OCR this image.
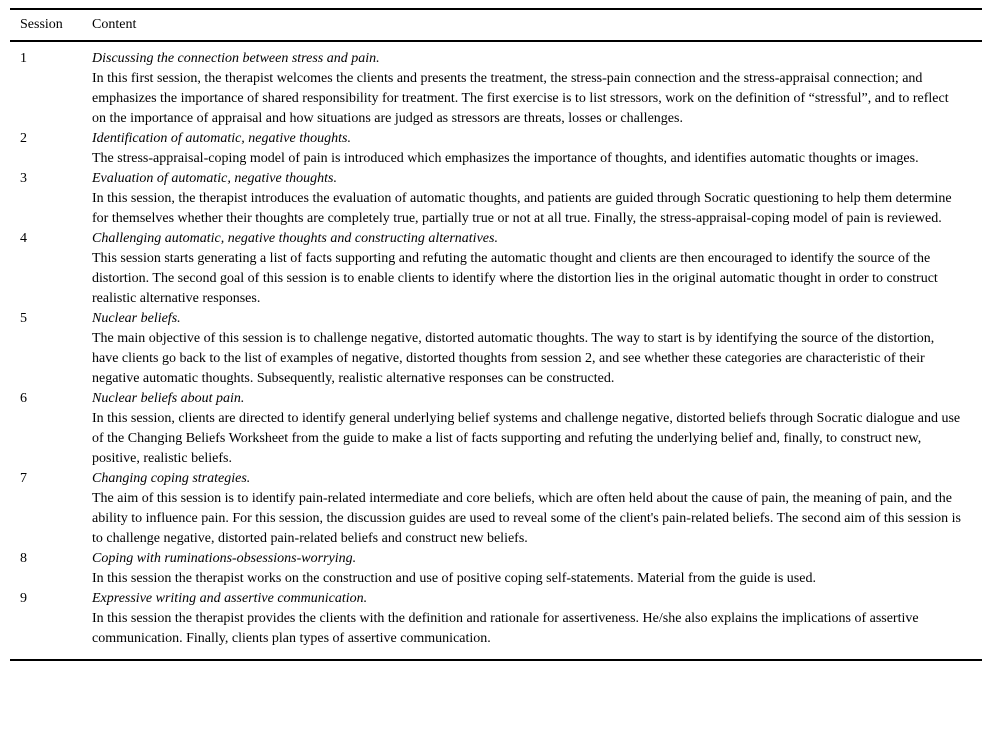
Session	Content
1	Discussing the connection between stress and pain.
In this first session, the therapist welcomes the clients and presents the treatment, the stress-pain connection and the stress-appraisal connection; and emphasizes the importance of shared responsibility for treatment. The first exercise is to list stressors, work on the definition of “stressful”, and to reflect on the importance of appraisal and how situations are judged as stressors are threats, losses or challenges.

2	Identification of automatic, negative thoughts.
The stress-appraisal-coping model of pain is introduced which emphasizes the importance of thoughts, and identifies automatic thoughts or images.

3	Evaluation of automatic, negative thoughts.
In this session, the therapist introduces the evaluation of automatic thoughts, and patients are guided through Socratic questioning to help them determine for themselves whether their thoughts are completely true, partially true or not at all true. Finally, the stress-appraisal-coping model of pain is reviewed.

4	Challenging automatic, negative thoughts and constructing alternatives.
This session starts generating a list of facts supporting and refuting the automatic thought and clients are then encouraged to identify the source of the distortion. The second goal of this session is to enable clients to identify where the distortion lies in the original automatic thought in order to construct realistic alternative responses.

5	Nuclear beliefs.
The main objective of this session is to challenge negative, distorted automatic thoughts. The way to start is by identifying the source of the distortion, have clients go back to the list of examples of negative, distorted thoughts from session 2, and see whether these categories are characteristic of their negative automatic thoughts. Subsequently, realistic alternative responses can be constructed.

6	Nuclear beliefs about pain.
In this session, clients are directed to identify general underlying belief systems and challenge negative, distorted beliefs through Socratic dialogue and use of the Changing Beliefs Worksheet from the guide to make a list of facts supporting and refuting the underlying belief and, finally, to construct new, positive, realistic beliefs.

7	Changing coping strategies.
The aim of this session is to identify pain-related intermediate and core beliefs, which are often held about the cause of pain, the meaning of pain, and the ability to influence pain. For this session, the discussion guides are used to reveal some of the client's pain-related beliefs. The second aim of this session is to challenge negative, distorted pain-related beliefs and construct new beliefs.

8	Coping with ruminations-obsessions-worrying.
In this session the therapist works on the construction and use of positive coping self-statements. Material from the guide is used.

9	Expressive writing and assertive communication.
In this session the therapist provides the clients with the definition and rationale for assertiveness. He/she also explains the implications of assertive communication. Finally, clients plan types of assertive communication.
